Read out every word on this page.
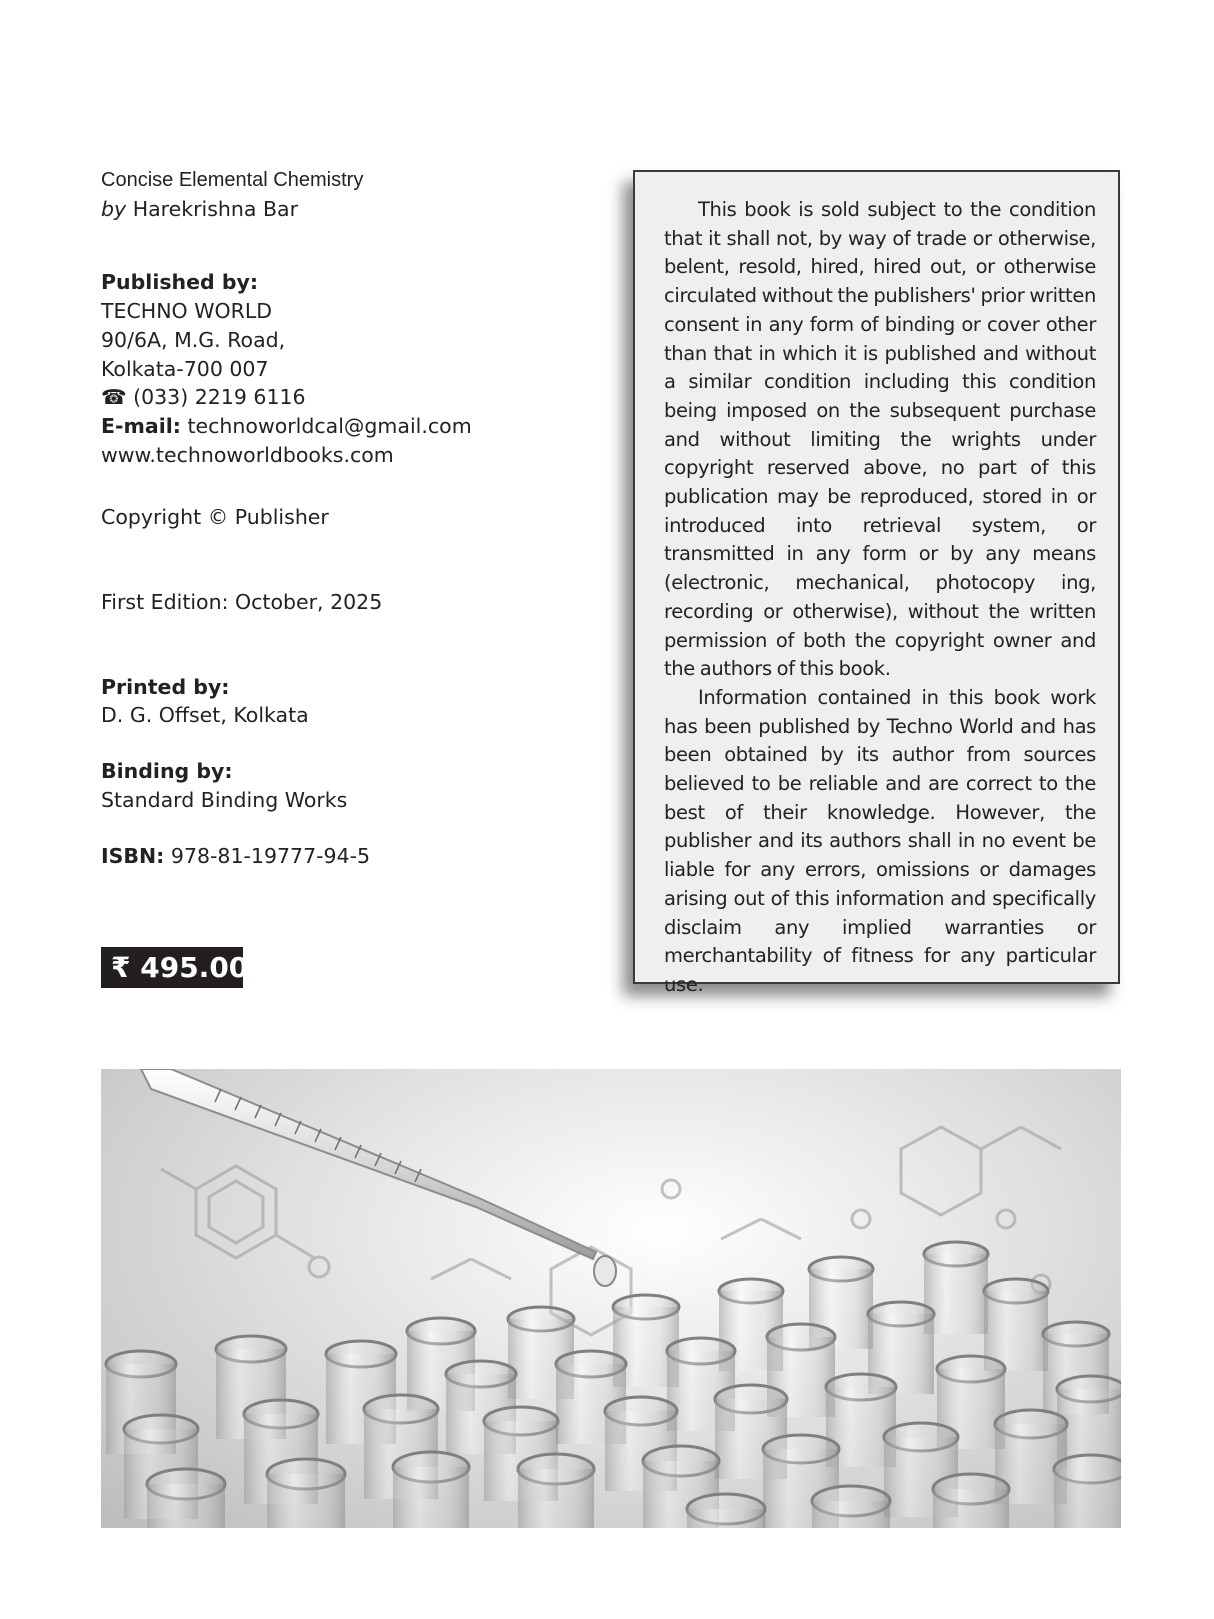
Concise Elemental Chemistry

by Harekrishna Bar

Published by:

TECHNO WORLD

90/6A, M.G. Road,

Kolkata-700 007

☎ (033) 2219 6116

E-mail: technoworldcal@gmail.com

www.technoworldbooks.com

Copyright © Publisher

First Edition: October, 2025

Printed by:

D. G. Offset, Kolkata

Binding by:

Standard Binding Works

ISBN: 978-81-19777-94-5

₹ 495.00

This book is sold subject to the condition that it shall not, by way of trade or otherwise, belent, resold, hired, hired out, or otherwise circulated without the publishers' prior written consent in any form of binding or cover other than that in which it is published and without a similar condition including this condition being imposed on the subsequent purchase and without limiting the wrights under copyright reserved above, no part of this publication may be reproduced, stored in or introduced into retrieval system, or transmitted in any form or by any means (electronic, mechanical, photocopy ing, recording or otherwise), without the written permission of both the copyright owner and the authors of this book.

Information contained in this book work has been published by Techno World and has been obtained by its author from sources believed to be reliable and are correct to the best of their knowledge. However, the publisher and its authors shall in no event be liable for any errors, omissions or damages arising out of this information and specifically disclaim any implied warranties or merchantability of fitness for any particular use.
